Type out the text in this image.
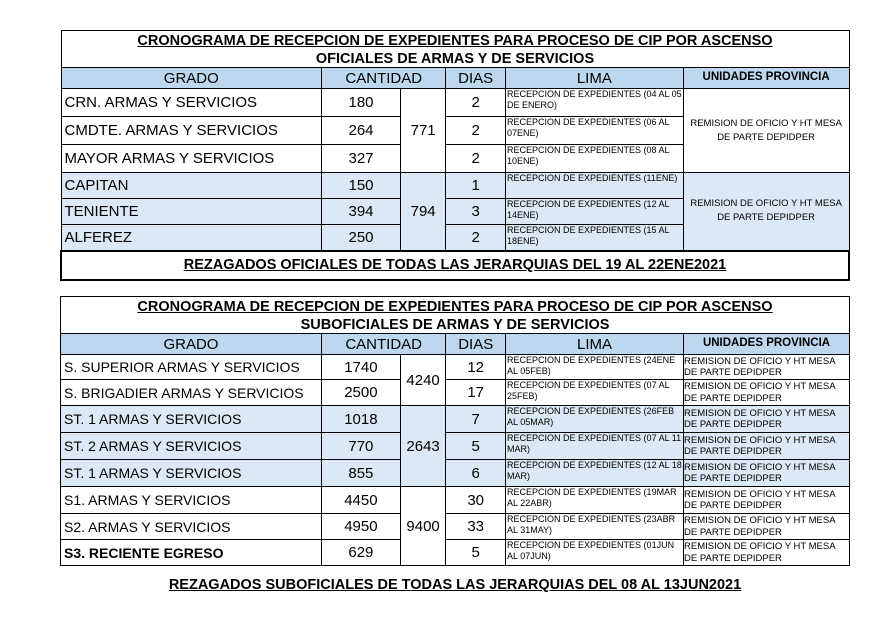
CRONOGRAMA DE RECEPCION DE EXPEDIENTES PARA PROCESO DE CIP POR ASCENSO					
OFICIALES DE ARMAS Y DE SERVICIOS					
GRADO	CANTIDAD		DIAS	LIMA	UNIDADES PROVINCIA
CRN. ARMAS Y SERVICIOS	180	771	2	RECEPCION DE EXPEDIENTES (04 AL 05 DE ENERO)	REMISION DE OFICIO Y HT MESA DE PARTE DEPIDPER
CMDTE. ARMAS Y SERVICIOS	264		2	RECEPCION DE EXPEDIENTES (06 AL 07ENE)	
MAYOR ARMAS Y SERVICIOS	327		2	RECEPCION DE EXPEDIENTES (08 AL 10ENE)	
CAPITAN	150	794	1	RECEPCION DE EXPEDIENTES (11ENE)	REMISION DE OFICIO Y HT MESA DE PARTE DEPIDPER
TENIENTE	394		3	RECEPCION DE EXPEDIENTES (12 AL 14ENE)	
ALFEREZ	250		2	RECEPCION DE EXPEDIENTES (15 AL 18ENE)	
REZAGADOS OFICIALES DE TODAS LAS JERARQUIAS DEL 19 AL 22ENE2021					
CRONOGRAMA DE RECEPCION DE EXPEDIENTES PARA PROCESO DE CIP POR ASCENSO					
SUBOFICIALES DE ARMAS Y DE SERVICIOS					
GRADO	CANTIDAD		DIAS	LIMA	UNIDADES PROVINCIA
S. SUPERIOR ARMAS Y SERVICIOS	1740	4240	12	RECEPCION DE EXPEDIENTES (24ENE AL 05FEB)	REMISION DE OFICIO Y HT MESA DE PARTE DEPIDPER
S. BRIGADIER ARMAS Y SERVICIOS	2500		17	RECEPCION DE EXPEDIENTES (07 AL 25FEB)	REMISION DE OFICIO Y HT MESA DE PARTE DEPIDPER
ST. 1 ARMAS Y SERVICIOS	1018	2643	7	RECEPCION DE EXPEDIENTES (26FEB AL 05MAR)	REMISION DE OFICIO Y HT MESA DE PARTE DEPIDPER
ST. 2 ARMAS Y SERVICIOS	770		5	RECEPCION DE EXPEDIENTES (07 AL 11 MAR)	REMISION DE OFICIO Y HT MESA DE PARTE DEPIDPER
ST. 1 ARMAS Y SERVICIOS	855		6	RECEPCION DE EXPEDIENTES (12 AL 18 MAR)	REMISION DE OFICIO Y HT MESA DE PARTE DEPIDPER
S1. ARMAS Y SERVICIOS	4450	9400	30	RECEPCION DE EXPEDIENTES (19MAR AL 22ABR)	REMISION DE OFICIO Y HT MESA DE PARTE DEPIDPER
S2. ARMAS Y SERVICIOS	4950		33	RECEPCION DE EXPEDIENTES (23ABR AL 31MAY)	REMISION DE OFICIO Y HT MESA DE PARTE DEPIDPER
S3. RECIENTE EGRESO	629		5	RECEPCION DE EXPEDIENTES (01JUN AL 07JUN)	REMISION DE OFICIO Y HT MESA DE PARTE DEPIDPER
REZAGADOS SUBOFICIALES DE TODAS LAS JERARQUIAS DEL 08 AL 13JUN2021
